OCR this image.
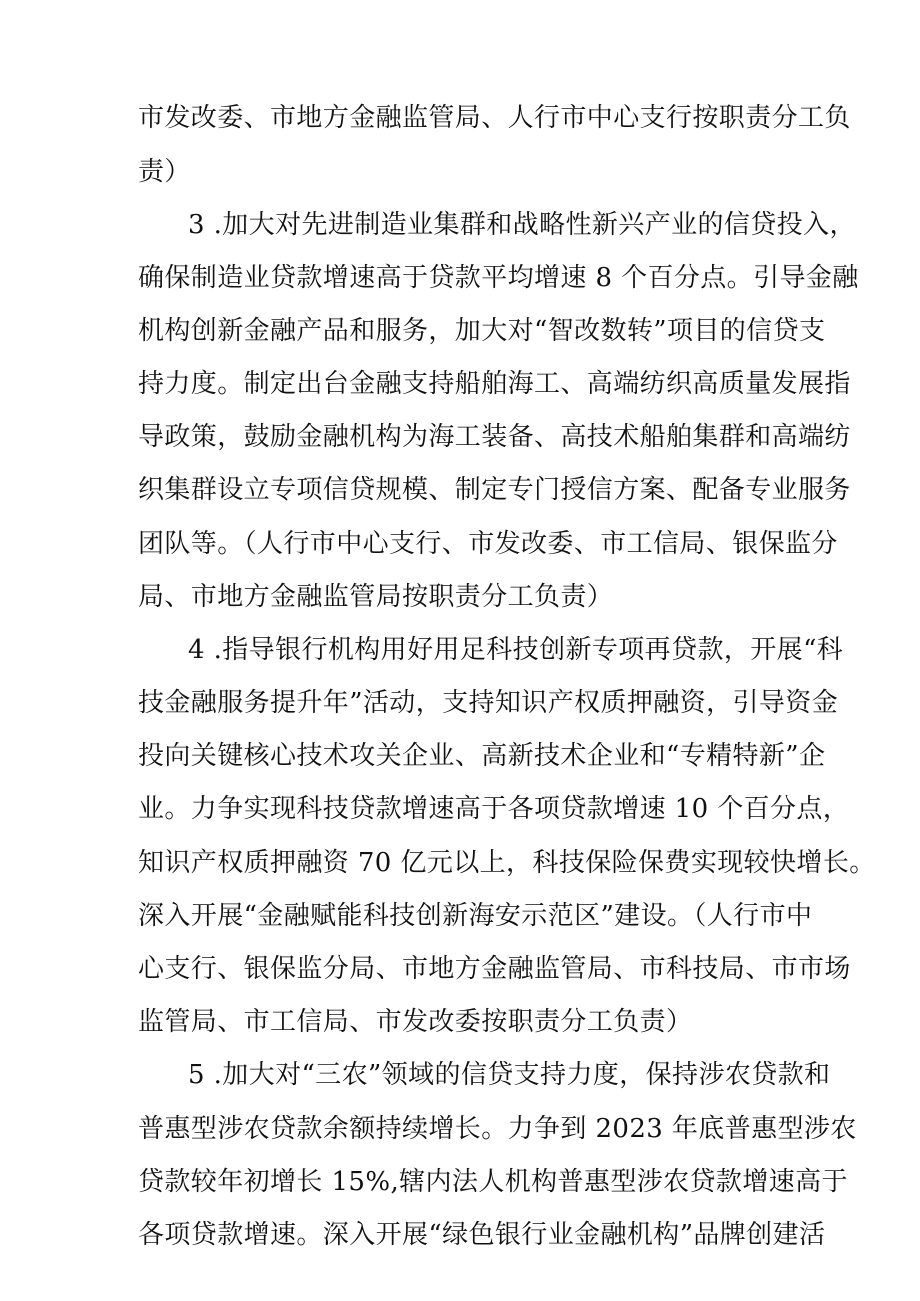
市发改委、市地方金融监管局、人行市中心支行按职责分工负
责）
3 .加大对先进制造业集群和战略性新兴产业的信贷投入，
确保制造业贷款增速高于贷款平均增速 8 个百分点。引导金融
机构创新金融产品和服务，加大对“智改数转”项目的信贷支
持力度。制定出台金融支持船舶海工、高端纺织高质量发展指
导政策，鼓励金融机构为海工装备、高技术船舶集群和高端纺
织集群设立专项信贷规模、制定专门授信方案、配备专业服务
团队等。（人行市中心支行、市发改委、市工信局、银保监分
局、市地方金融监管局按职责分工负责）
4 .指导银行机构用好用足科技创新专项再贷款，开展“科
技金融服务提升年”活动，支持知识产权质押融资，引导资金
投向关键核心技术攻关企业、高新技术企业和“专精特新”企
业。力争实现科技贷款增速高于各项贷款增速 10 个百分点，
知识产权质押融资 70 亿元以上，科技保险保费实现较快增长。
深入开展“金融赋能科技创新海安示范区”建设。（人行市中
心支行、银保监分局、市地方金融监管局、市科技局、市市场
监管局、市工信局、市发改委按职责分工负责）
5 .加大对“三农”领域的信贷支持力度，保持涉农贷款和
普惠型涉农贷款余额持续增长。力争到 2023 年底普惠型涉农
贷款较年初增长 15%,辖内法人机构普惠型涉农贷款增速高于
各项贷款增速。深入开展“绿色银行业金融机构”品牌创建活
